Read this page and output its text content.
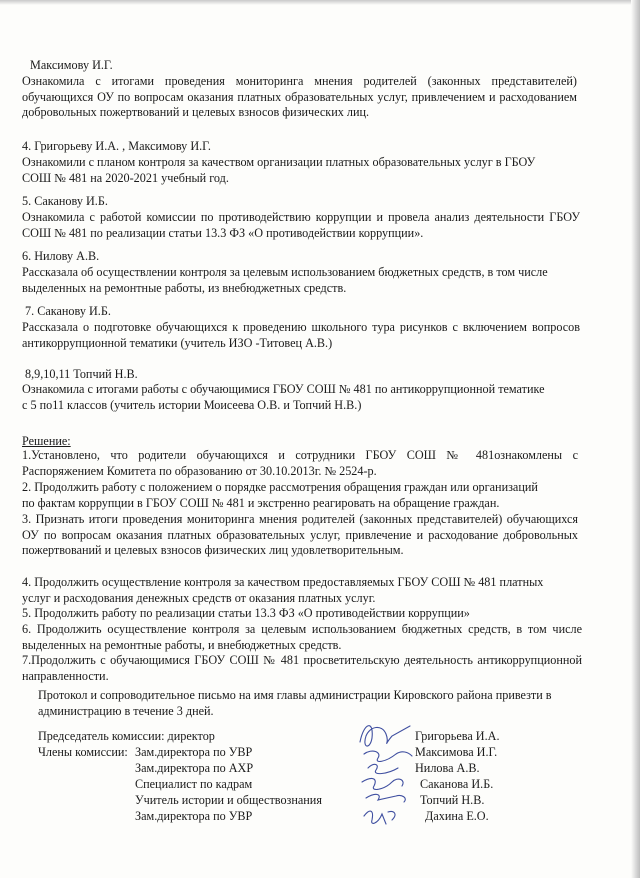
Максимову И.Г.
Ознакомила с итогами проведения мониторинга мнения родителей (законных представителей) обучающихся ОУ по вопросам оказания платных образовательных услуг, привлечением и расходованием добровольных пожертвований и целевых взносов физических лиц.
4. Григорьеву И.А. , Максимову И.Г.
Ознакомили с планом контроля за качеством организации платных образовательных услуг в ГБОУ
СОШ № 481 на 2020-2021 учебный год.
5. Саканову И.Б.
Ознакомила с работой комиссии по противодействию коррупции и провела анализ деятельности ГБОУ СОШ № 481 по реализации статьи 13.3 ФЗ «О противодействии коррупции».
6. Нилову А.В.
Рассказала об осуществлении контроля за целевым использованием бюджетных средств, в том числе
выделенных на ремонтные работы, из внебюджетных средств.
7. Саканову И.Б.
Рассказала о подготовке обучающихся к проведению школьного тура рисунков с включением вопросов антикоррупционной тематики (учитель ИЗО -Титовец А.В.)
8,9,10,11 Топчий Н.В.
Ознакомила с итогами работы с обучающимися ГБОУ СОШ № 481 по антикоррупционной тематике
с 5 по11 классов (учитель истории Моисеева О.В. и Топчий Н.В.)
Решение:
1.Установлено, что родители обучающихся и сотрудники ГБОУ СОШ № 481ознакомлены с Распоряжением Комитета по образованию от 30.10.2013г. № 2524-р.
2. Продолжить работу с положением о порядке рассмотрения обращения граждан или организаций
по фактам коррупции в ГБОУ СОШ № 481 и экстренно реагировать на обращение граждан.
3. Признать итоги проведения мониторинга мнения родителей (законных представителей) обучающихся ОУ по вопросам оказания платных образовательных услуг, привлечение и расходование добровольных пожертвований и целевых взносов физических лиц удовлетворительным.
4. Продолжить осуществление контроля за качеством предоставляемых ГБОУ СОШ № 481 платных
услуг и расходования денежных средств от оказания платных услуг.
5. Продолжить работу по реализации статьи 13.3 ФЗ «О противодействии коррупции»
6. Продолжить осуществление контроля за целевым использованием бюджетных средств, в том числе выделенных на ремонтные работы, и внебюджетных средств.
7.Продолжить с обучающимися ГБОУ СОШ № 481 просветительскую деятельность антикоррупционной направленности.
Протокол и сопроводительное письмо на имя главы администрации Кировского района привезти в
администрацию в течение 3 дней.
Председатель комиссии: директор
Члены комиссии: Зам.директора по УВР
Зам.директора по АХР
Специалист по кадрам
Учитель истории и обществознания
Зам.директора по УВР
Григорьева И.А.
Максимова И.Г.
Нилова А.В.
Саканова И.Б.
Топчий Н.В.
Дахина Е.О.
